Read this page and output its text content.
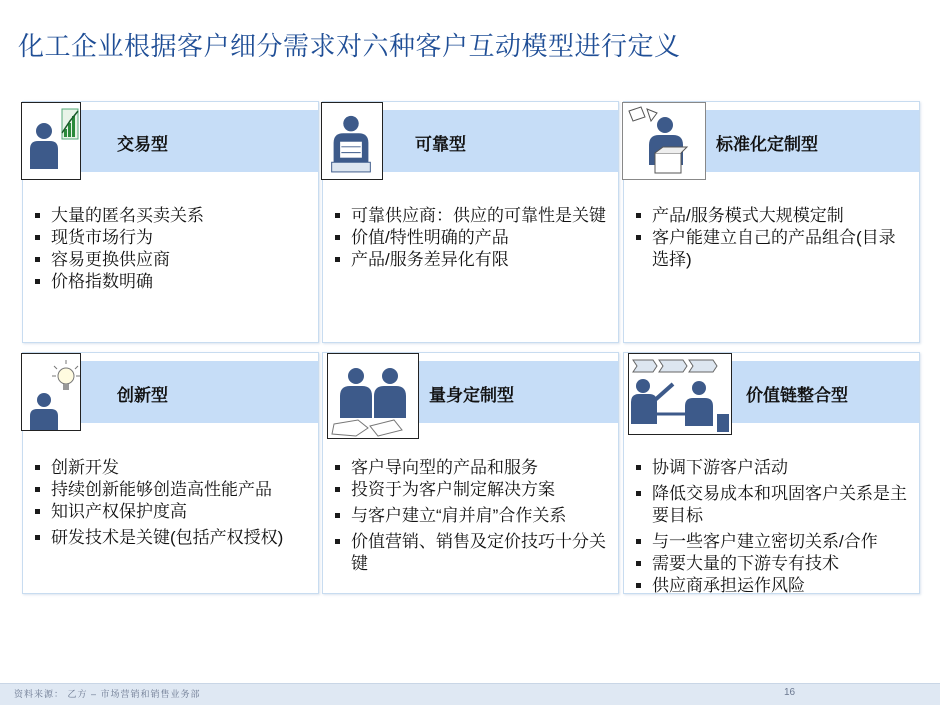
化工企业根据客户细分需求对六种客户互动模型进行定义
交易型
大量的匿名买卖关系
现货市场行为
容易更换供应商
价格指数明确
可靠型
可靠供应商：供应的可靠性是关键
价值/特性明确的产品
产品/服务差异化有限
标准化定制型
产品/服务模式大规模定制
客户能建立自己的产品组合(目录选择)
创新型
创新开发
持续创新能够创造高性能产品
知识产权保护度高
研发技术是关键(包括产权授权)
量身定制型
客户导向型的产品和服务
投资于为客户制定解决方案
与客户建立“肩并肩”合作关系
价值营销、销售及定价技巧十分关键
价值链整合型
协调下游客户活动
降低交易成本和巩固客户关系是主要目标
与一些客户建立密切关系/合作
需要大量的下游专有技术
供应商承担运作风险
资料来源： 乙方 – 市场营销和销售业务部	16
